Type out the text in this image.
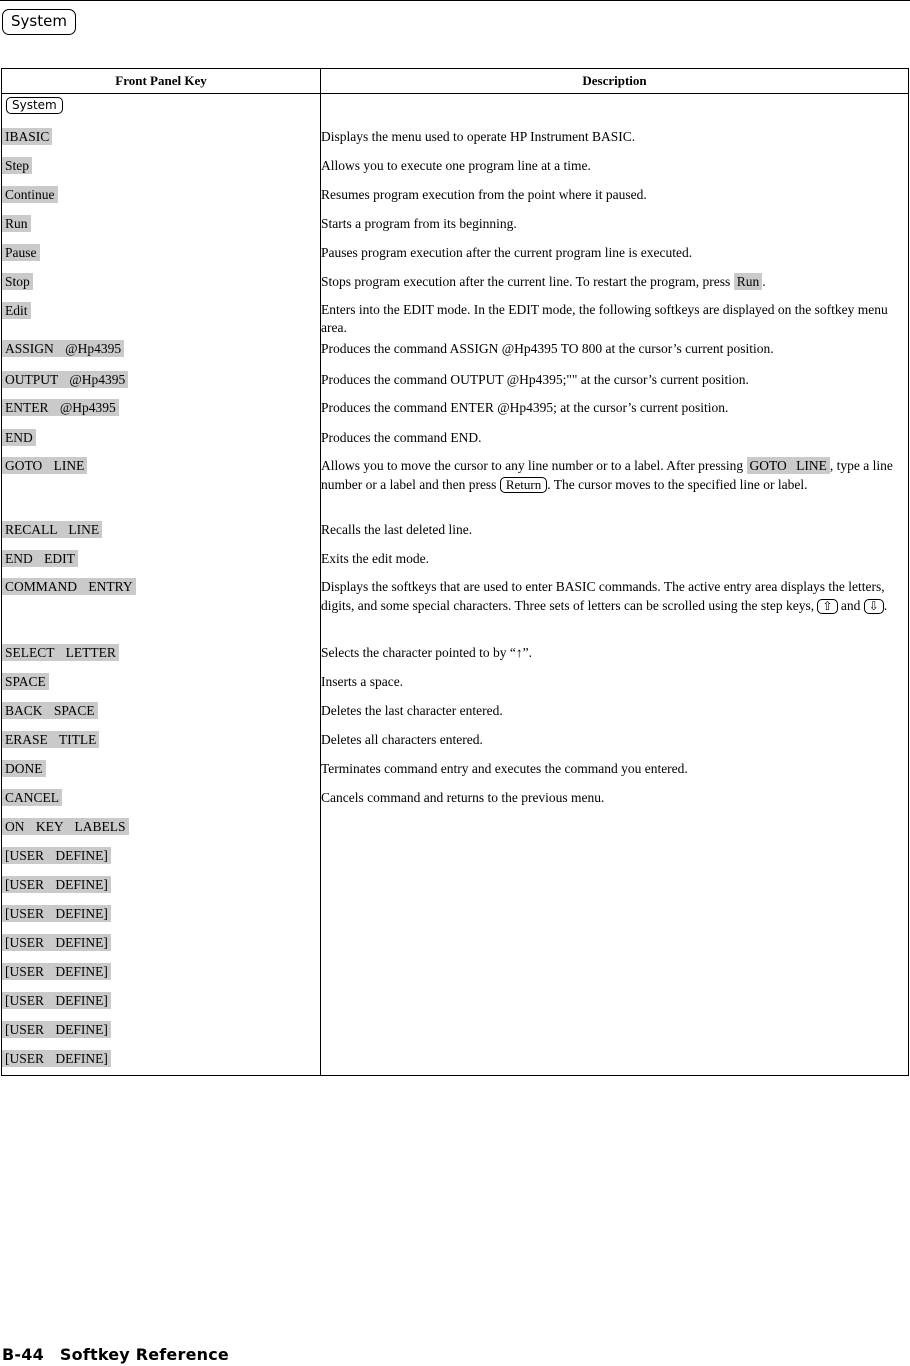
System
Front Panel Key	Description
System	
IBASIC	Displays the menu used to operate HP Instrument BASIC.

Step	Allows you to execute one program line at a time.

Continue	Resumes program execution from the point where it paused.

Run	Starts a program from its beginning.

Pause	Pauses program execution after the current program line is executed.

Stop	Stops program execution after the current line. To restart the program, press Run .

Edit	Enters into the EDIT mode. In the EDIT mode, the following softkeys are displayed on the softkey menu area.

ASSIGN @Hp4395	Produces the command ASSIGN @Hp4395 TO 800 at the cursor’s current position.

OUTPUT @Hp4395	Produces the command OUTPUT @Hp4395;"" at the cursor’s current position.

ENTER @Hp4395	Produces the command ENTER @Hp4395; at the cursor’s current position.

END	Produces the command END.

GOTO LINE	Allows you to move the cursor to any line number or to a label. After pressing GOTO LINE , type a line number or a label and then press Return . The cursor moves to the specified line or label.

RECALL LINE	Recalls the last deleted line.

END EDIT	Exits the edit mode.

COMMAND ENTRY	Displays the softkeys that are used to enter BASIC commands. The active entry area displays the letters, digits, and some special characters. Three sets of letters can be scrolled using the step keys, ⇧ and ⇩ .

SELECT LETTER	Selects the character pointed to by “↑”.

SPACE	Inserts a space.

BACK SPACE	Deletes the last character entered.

ERASE TITLE	Deletes all characters entered.

DONE	Terminates command entry and executes the command you entered.

CANCEL	Cancels command and returns to the previous menu.

ON KEY LABELS	

[USER DEFINE]	

[USER DEFINE]	

[USER DEFINE]	

[USER DEFINE]	

[USER DEFINE]	

[USER DEFINE]	

[USER DEFINE]	

[USER DEFINE]	
B-44 Softkey Reference
